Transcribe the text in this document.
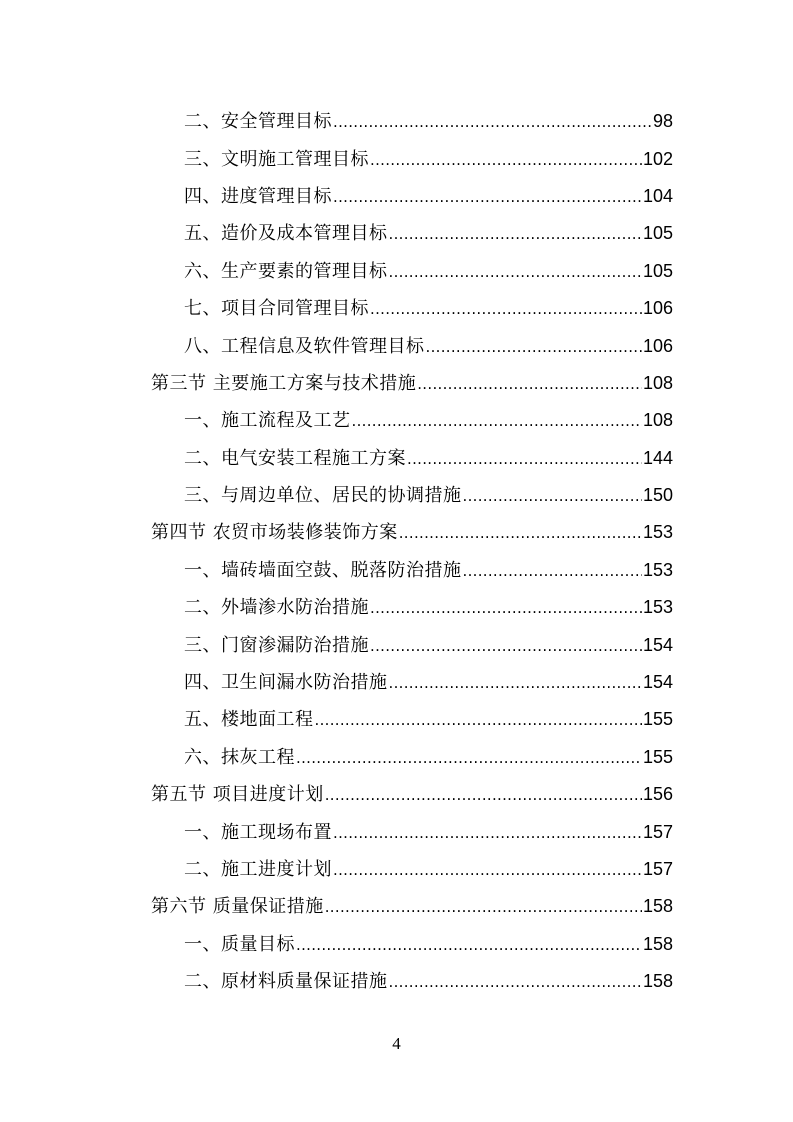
二、安全管理目标 .....	98
三、文明施工管理目标 .....	102
四、进度管理目标 .....	104
五、造价及成本管理目标 .....	105
六、生产要素的管理目标 .....	105
七、项目合同管理目标 .....	106
八、工程信息及软件管理目标 .....	106
第三节 主要施工方案与技术措施 .....	108
一、施工流程及工艺 .....	108
二、电气安装工程施工方案 .....	144
三、与周边单位、居民的协调措施 .....	150
第四节 农贸市场装修装饰方案 .....	153
一、墙砖墙面空鼓、脱落防治措施 .....	153
二、外墙渗水防治措施 .....	153
三、门窗渗漏防治措施 .....	154
四、卫生间漏水防治措施 .....	154
五、楼地面工程 .....	155
六、抹灰工程 .....	155
第五节 项目进度计划 .....	156
一、施工现场布置 .....	157
二、施工进度计划 .....	157
第六节 质量保证措施 .....	158
一、质量目标 .....	158
二、原材料质量保证措施 .....	158
4
